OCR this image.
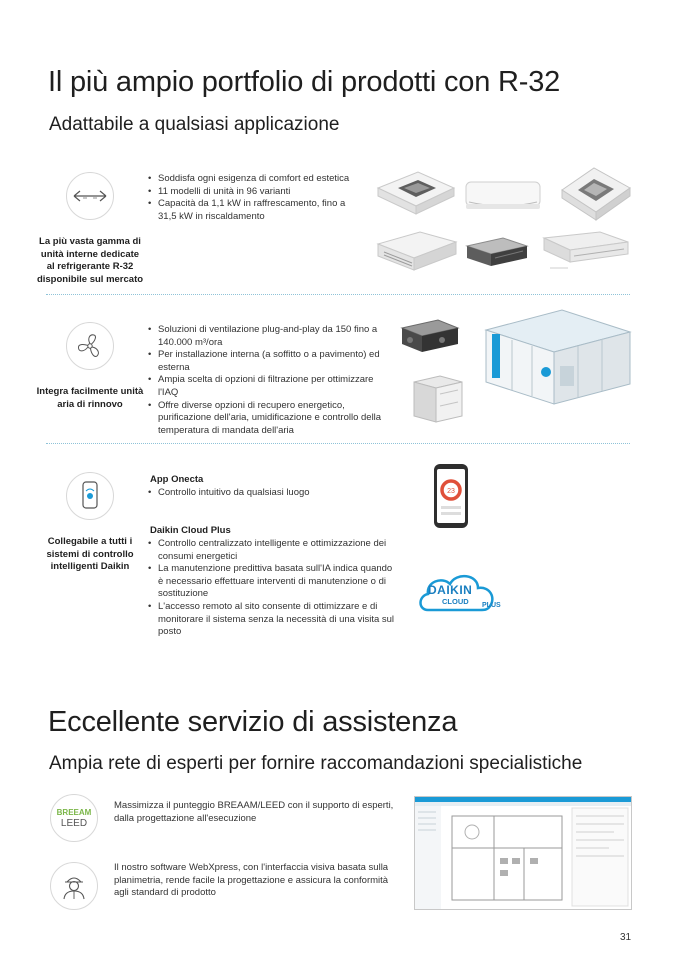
Il più ampio portfolio di prodotti con R-32
Adattabile a qualsiasi applicazione
La più vasta gamma di
unità interne dedicate
al refrigerante R-32
disponibile sul mercato
• Soddisfa ogni esigenza di comfort ed estetica
• 11 modelli di unità in 96 varianti
• Capacità da 1,1 kW in raffrescamento, fino a 31,5 kW in riscaldamento
Integra facilmente unità
aria di rinnovo
• Soluzioni di ventilazione plug-and-play da 150 fino a 140.000 m³/ora
• Per installazione interna (a soffitto o a pavimento) ed esterna
• Ampia scelta di opzioni di filtrazione per ottimizzare l'IAQ
• Offre diverse opzioni di recupero energetico, purificazione dell'aria, umidificazione e controllo della temperatura di mandata dell'aria
Collegabile a tutti i
sistemi di controllo
intelligenti Daikin
App Onecta
• Controllo intuitivo da qualsiasi luogo
Daikin Cloud Plus
• Controllo centralizzato intelligente e ottimizzazione dei consumi energetici
• La manutenzione predittiva basata sull'IA indica quando è necessario effettuare interventi di manutenzione o di sostituzione
• L'accesso remoto al sito consente di ottimizzare e di monitorare il sistema senza la necessità di una visita sul posto
23
DAIKIN
CLOUD PLUS
Eccellente servizio di assistenza
Ampia rete di esperti per fornire raccomandazioni specialistiche
BREEAM
LEED
Massimizza il punteggio BREAAM/LEED con il supporto di esperti,
dalla progettazione all'esecuzione
Il nostro software WebXpress, con l'interfaccia visiva basata sulla
planimetria, rende facile la progettazione e assicura la conformità
agli standard di prodotto
31
